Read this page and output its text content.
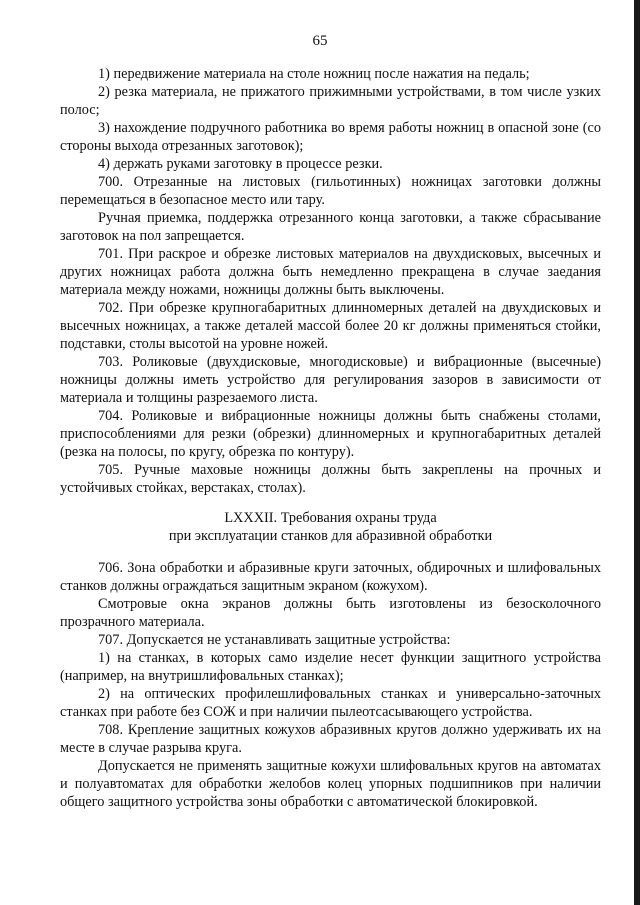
65

1) передвижение материала на столе ножниц после нажатия на педаль;

2) резка материала, не прижатого прижимными устройствами, в том числе узких полос;

3) нахождение подручного работника во время работы ножниц в опасной зоне (со стороны выхода отрезанных заготовок);

4) держать руками заготовку в процессе резки.

700. Отрезанные на листовых (гильотинных) ножницах заготовки должны перемещаться в безопасное место или тару.

Ручная приемка, поддержка отрезанного конца заготовки, а также сбрасывание заготовок на пол запрещается.

701. При раскрое и обрезке листовых материалов на двухдисковых, высечных и других ножницах работа должна быть немедленно прекращена в случае заедания материала между ножами, ножницы должны быть выключены.

702. При обрезке крупногабаритных длинномерных деталей на двухдисковых и высечных ножницах, а также деталей массой более 20 кг должны применяться стойки, подставки, столы высотой на уровне ножей.

703. Роликовые (двухдисковые, многодисковые) и вибрационные (высечные) ножницы должны иметь устройство для регулирования зазоров в зависимости от материала и толщины разрезаемого листа.

704. Роликовые и вибрационные ножницы должны быть снабжены столами, приспособлениями для резки (обрезки) длинномерных и крупногабаритных деталей (резка на полосы, по кругу, обрезка по контуру).

705. Ручные маховые ножницы должны быть закреплены на прочных и устойчивых стойках, верстаках, столах).

LXXXII. Требования охраны труда
при эксплуатации станков для абразивной обработки

706. Зона обработки и абразивные круги заточных, обдирочных и шлифовальных станков должны ограждаться защитным экраном (кожухом).

Смотровые окна экранов должны быть изготовлены из безосколочного прозрачного материала.

707. Допускается не устанавливать защитные устройства:

1) на станках, в которых само изделие несет функции защитного устройства (например, на внутришлифовальных станках);

2) на оптических профилешлифовальных станках и универсально-заточных станках при работе без СОЖ и при наличии пылеотсасывающего устройства.

708. Крепление защитных кожухов абразивных кругов должно удерживать их на месте в случае разрыва круга.

Допускается не применять защитные кожухи шлифовальных кругов на автоматах и полуавтоматах для обработки желобов колец упорных подшипников при наличии общего защитного устройства зоны обработки с автоматической блокировкой.
